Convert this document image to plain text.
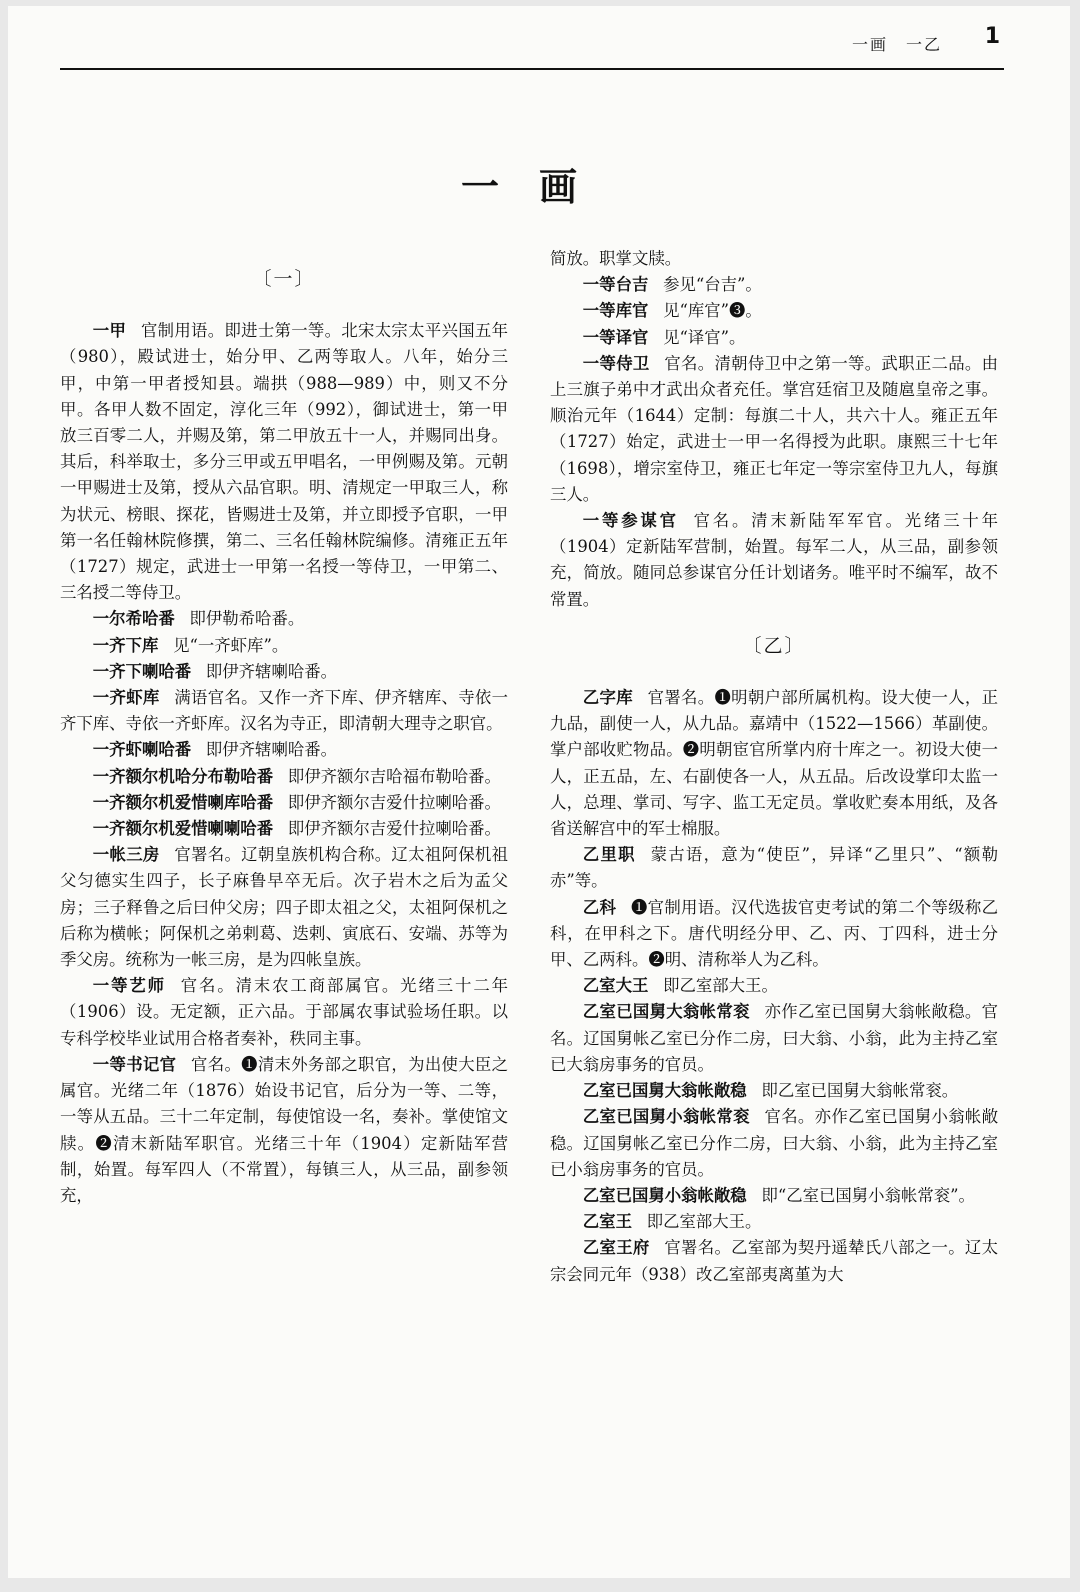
一画　一乙 1
一画
〔一〕

一甲 官制用语。即进士第一等。北宋太宗太平兴国五年（980），殿试进士，始分甲、乙两等取人。八年，始分三甲，中第一甲者授知县。端拱（988—989）中，则又不分甲。各甲人数不固定，淳化三年（992），御试进士，第一甲放三百零二人，并赐及第，第二甲放五十一人，并赐同出身。其后，科举取士，多分三甲或五甲唱名，一甲例赐及第。元朝一甲赐进士及第，授从六品官职。明、清规定一甲取三人，称为状元、榜眼、探花，皆赐进士及第，并立即授予官职，一甲第一名任翰林院修撰，第二、三名任翰林院编修。清雍正五年（1727）规定，武进士一甲第一名授一等侍卫，一甲第二、三名授二等侍卫。

一尔希哈番 即伊勒希哈番。

一齐下库 见“一齐虾库”。

一齐下喇哈番 即伊齐辖喇哈番。

一齐虾库 满语官名。又作一齐下库、伊齐辖库、寺依一齐下库、寺依一齐虾库。汉名为寺正，即清朝大理寺之职官。

一齐虾喇哈番 即伊齐辖喇哈番。

一齐额尔机哈分布勒哈番 即伊齐额尔吉哈福布勒哈番。

一齐额尔机爱惜喇库哈番 即伊齐额尔吉爱什拉喇哈番。

一齐额尔机爱惜喇喇哈番 即伊齐额尔吉爱什拉喇哈番。

一帐三房 官署名。辽朝皇族机构合称。辽太祖阿保机祖父匀德实生四子，长子麻鲁早卒无后。次子岩木之后为孟父房；三子释鲁之后曰仲父房；四子即太祖之父，太祖阿保机之后称为横帐；阿保机之弟剌葛、迭剌、寅底石、安端、苏等为季父房。统称为一帐三房，是为四帐皇族。

一等艺师 官名。清末农工商部属官。光绪三十二年（1906）设。无定额，正六品。于部属农事试验场任职。以专科学校毕业试用合格者奏补，秩同主事。

一等书记官 官名。❶清末外务部之职官，为出使大臣之属官。光绪二年（1876）始设书记官，后分为一等、二等，一等从五品。三十二年定制，每使馆设一名，奏补。掌使馆文牍。❷清末新陆军职官。光绪三十年（1904）定新陆军营制，始置。每军四人（不常置），每镇三人，从三品，副参领充，

简放。职掌文牍。

一等台吉 参见“台吉”。

一等库官 见“库官”❸。

一等译官 见“译官”。

一等侍卫 官名。清朝侍卫中之第一等。武职正二品。由上三旗子弟中才武出众者充任。掌宫廷宿卫及随扈皇帝之事。顺治元年（1644）定制：每旗二十人，共六十人。雍正五年（1727）始定，武进士一甲一名得授为此职。康熙三十七年（1698），增宗室侍卫，雍正七年定一等宗室侍卫九人，每旗三人。

一等参谋官 官名。清末新陆军军官。光绪三十年（1904）定新陆军营制，始置。每军二人，从三品，副参领充，简放。随同总参谋官分任计划诸务。唯平时不编军，故不常置。

〔乙〕

乙字库 官署名。❶明朝户部所属机构。设大使一人，正九品，副使一人，从九品。嘉靖中（1522—1566）革副使。掌户部收贮物品。❷明朝宦官所掌内府十库之一。初设大使一人，正五品，左、右副使各一人，从五品。后改设掌印太监一人，总理、掌司、写字、监工无定员。掌收贮奏本用纸，及各省送解宫中的军士棉服。

乙里职 蒙古语，意为“使臣”，异译“乙里只”、“额勒赤”等。

乙科 ❶官制用语。汉代选拔官吏考试的第二个等级称乙科，在甲科之下。唐代明经分甲、乙、丙、丁四科，进士分甲、乙两科。❷明、清称举人为乙科。

乙室大王 即乙室部大王。

乙室已国舅大翁帐常衮 亦作乙室已国舅大翁帐敞稳。官名。辽国舅帐乙室已分作二房，曰大翁、小翁，此为主持乙室已大翁房事务的官员。

乙室已国舅大翁帐敞稳 即乙室已国舅大翁帐常衮。

乙室已国舅小翁帐常衮 官名。亦作乙室已国舅小翁帐敞稳。辽国舅帐乙室已分作二房，曰大翁、小翁，此为主持乙室已小翁房事务的官员。

乙室已国舅小翁帐敞稳 即“乙室已国舅小翁帐常衮”。

乙室王 即乙室部大王。

乙室王府 官署名。乙室部为契丹遥辇氏八部之一。辽太宗会同元年（938）改乙室部夷离堇为大
